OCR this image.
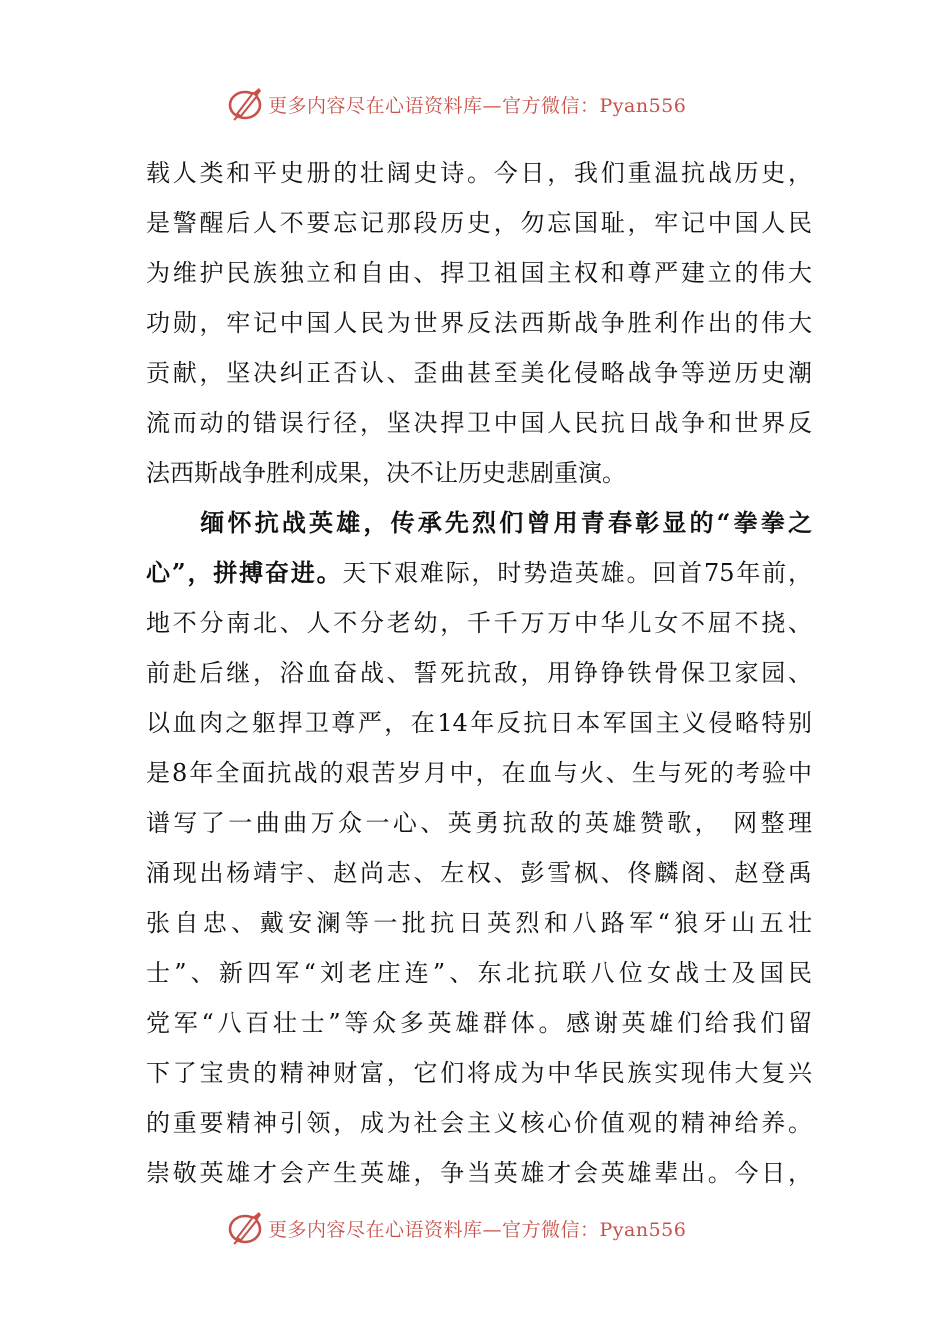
更多内容尽在心语资料库—官方微信：Pyan556
载人类和平史册的壮阔史诗。今日，我们重温抗战历史，
是警醒后人不要忘记那段历史，勿忘国耻，牢记中国人民
为维护民族独立和自由、捍卫祖国主权和尊严建立的伟大
功勋，牢记中国人民为世界反法西斯战争胜利作出的伟大
贡献，坚决纠正否认、歪曲甚至美化侵略战争等逆历史潮
流而动的错误行径，坚决捍卫中国人民抗日战争和世界反
法西斯战争胜利成果，决不让历史悲剧重演。
　　缅怀抗战英雄，传承先烈们曾用青春彰显的“拳拳之
心”，拼搏奋进。天下艰难际，时势造英雄。回首75年前，
地不分南北、人不分老幼，千千万万中华儿女不屈不挠、
前赴后继，浴血奋战、誓死抗敌，用铮铮铁骨保卫家园、
以血肉之躯捍卫尊严，在14年反抗日本军国主义侵略特别
是8年全面抗战的艰苦岁月中，在血与火、生与死的考验中
谱写了一曲曲万众一心、英勇抗敌的英雄赞歌， 网整理
涌现出杨靖宇、赵尚志、左权、彭雪枫、佟麟阁、赵登禹
张自忠、戴安澜等一批抗日英烈和八路军“狼牙山五壮
士”、新四军“刘老庄连”、东北抗联八位女战士及国民
党军“八百壮士”等众多英雄群体。感谢英雄们给我们留
下了宝贵的精神财富，它们将成为中华民族实现伟大复兴
的重要精神引领，成为社会主义核心价值观的精神给养。
崇敬英雄才会产生英雄，争当英雄才会英雄辈出。今日，
更多内容尽在心语资料库—官方微信：Pyan556
